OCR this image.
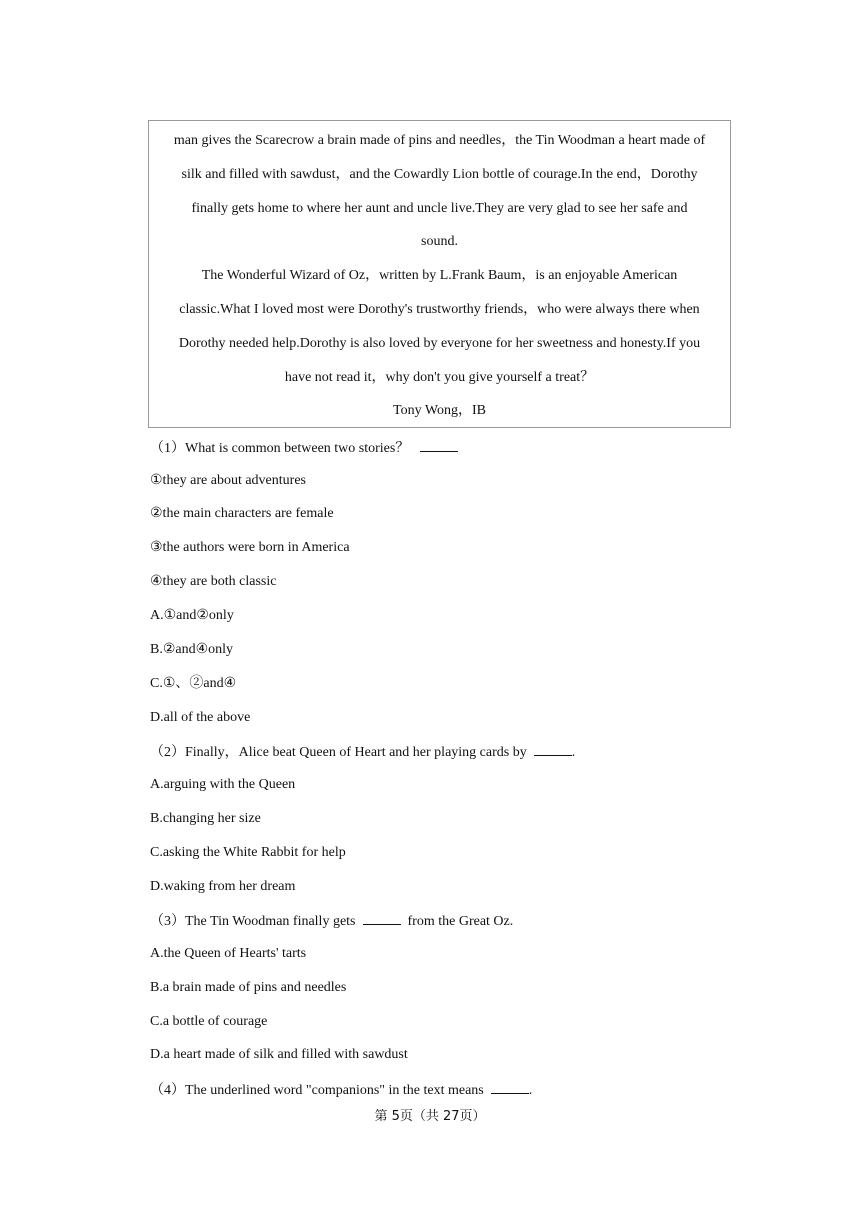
man gives the Scarecrow a brain made of pins and needles，the Tin Woodman a heart made of
silk and filled with sawdust，and the Cowardly Lion bottle of courage.In the end，Dorothy
finally gets home to where her aunt and uncle live.They are very glad to see her safe and
sound.
The Wonderful Wizard of Oz，written by L.Frank Baum，is an enjoyable American
classic.What I loved most were Dorothy's trustworthy friends，who were always there when
Dorothy needed help.Dorothy is also loved by everyone for her sweetness and honesty.If you
have not read it，why don't you give yourself a treat？
Tony Wong，IB
（1）What is common between two stories？
①they are about adventures
②the main characters are female
③the authors were born in America
④they are both classic
A.①and②only
B.②and④only
C.①、②and④
D.all of the above
（2）Finally，Alice beat Queen of Heart and her playing cards by	.
A.arguing with the Queen
B.changing her size
C.asking the White Rabbit for help
D.waking from her dream
（3）The Tin Woodman finally gets	from the Great Oz.
A.the Queen of Hearts' tarts
B.a brain made of pins and needles
C.a bottle of courage
D.a heart made of silk and filled with sawdust
（4）The underlined word "companions" in the text means	.
第 5页（共 27页）
